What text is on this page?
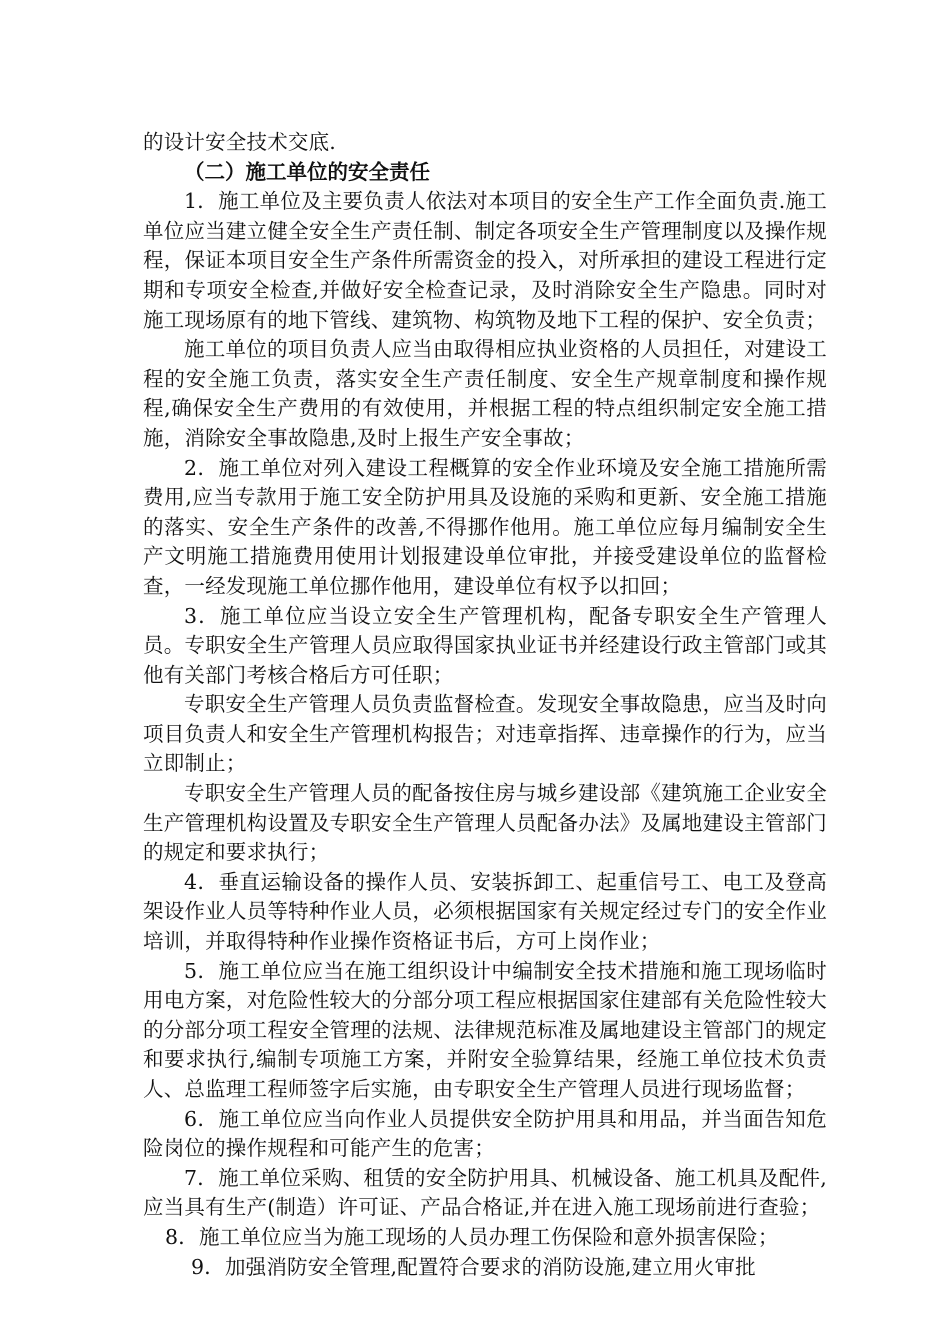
的设计安全技术交底.

（二）施工单位的安全责任

1．施工单位及主要负责人依法对本项目的安全生产工作全面负责.施工单位应当建立健全安全生产责任制、制定各项安全生产管理制度以及操作规程，保证本项目安全生产条件所需资金的投入，对所承担的建设工程进行定期和专项安全检查,并做好安全检查记录，及时消除安全生产隐患。同时对施工现场原有的地下管线、建筑物、构筑物及地下工程的保护、安全负责；

施工单位的项目负责人应当由取得相应执业资格的人员担任，对建设工程的安全施工负责，落实安全生产责任制度、安全生产规章制度和操作规程,确保安全生产费用的有效使用，并根据工程的特点组织制定安全施工措施，消除安全事故隐患,及时上报生产安全事故；

2．施工单位对列入建设工程概算的安全作业环境及安全施工措施所需费用,应当专款用于施工安全防护用具及设施的采购和更新、安全施工措施的落实、安全生产条件的改善,不得挪作他用。施工单位应每月编制安全生产文明施工措施费用使用计划报建设单位审批，并接受建设单位的监督检查，一经发现施工单位挪作他用，建设单位有权予以扣回；

3．施工单位应当设立安全生产管理机构，配备专职安全生产管理人员。专职安全生产管理人员应取得国家执业证书并经建设行政主管部门或其他有关部门考核合格后方可任职；

专职安全生产管理人员负责监督检查。发现安全事故隐患，应当及时向项目负责人和安全生产管理机构报告；对违章指挥、违章操作的行为，应当立即制止；

专职安全生产管理人员的配备按住房与城乡建设部《建筑施工企业安全生产管理机构设置及专职安全生产管理人员配备办法》及属地建设主管部门的规定和要求执行；

4．垂直运输设备的操作人员、安装拆卸工、起重信号工、电工及登高架设作业人员等特种作业人员，必须根据国家有关规定经过专门的安全作业培训，并取得特种作业操作资格证书后，方可上岗作业；

5．施工单位应当在施工组织设计中编制安全技术措施和施工现场临时用电方案，对危险性较大的分部分项工程应根据国家住建部有关危险性较大的分部分项工程安全管理的法规、法律规范标准及属地建设主管部门的规定和要求执行,编制专项施工方案，并附安全验算结果，经施工单位技术负责人、总监理工程师签字后实施，由专职安全生产管理人员进行现场监督；

6．施工单位应当向作业人员提供安全防护用具和用品，并当面告知危险岗位的操作规程和可能产生的危害；

7．施工单位采购、租赁的安全防护用具、机械设备、施工机具及配件,应当具有生产(制造）许可证、产品合格证,并在进入施工现场前进行查验；

8．施工单位应当为施工现场的人员办理工伤保险和意外损害保险；

9．加强消防安全管理,配置符合要求的消防设施,建立用火审批
